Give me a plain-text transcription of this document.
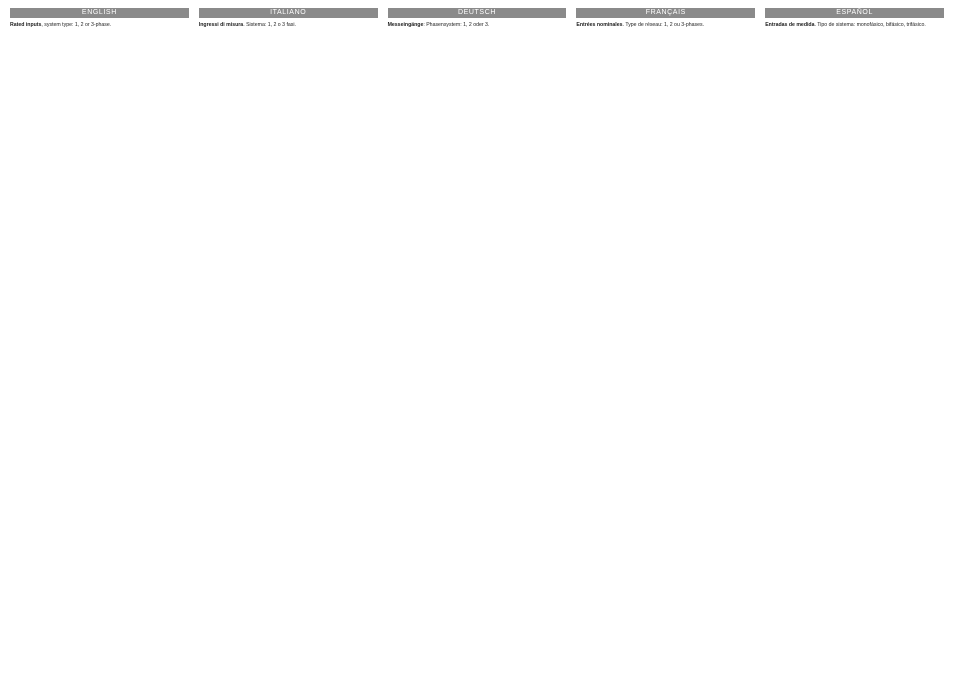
ENGLISH
Rated inputs, system type: 1, 2 or 3-phase.
ITALIANO
Ingressi di misura. Sistema: 1, 2 o 3 fasi.
DEUTSCH
Messeingänge: Phasensystem: 1, 2 oder 3.
FRANÇAIS
Entrées nominales. Type de réseau: 1, 2 ou 3-phases.
ESPAÑOL
Entradas de medida. Tipo de sistema: monofásico, bifásico, trifásico.
